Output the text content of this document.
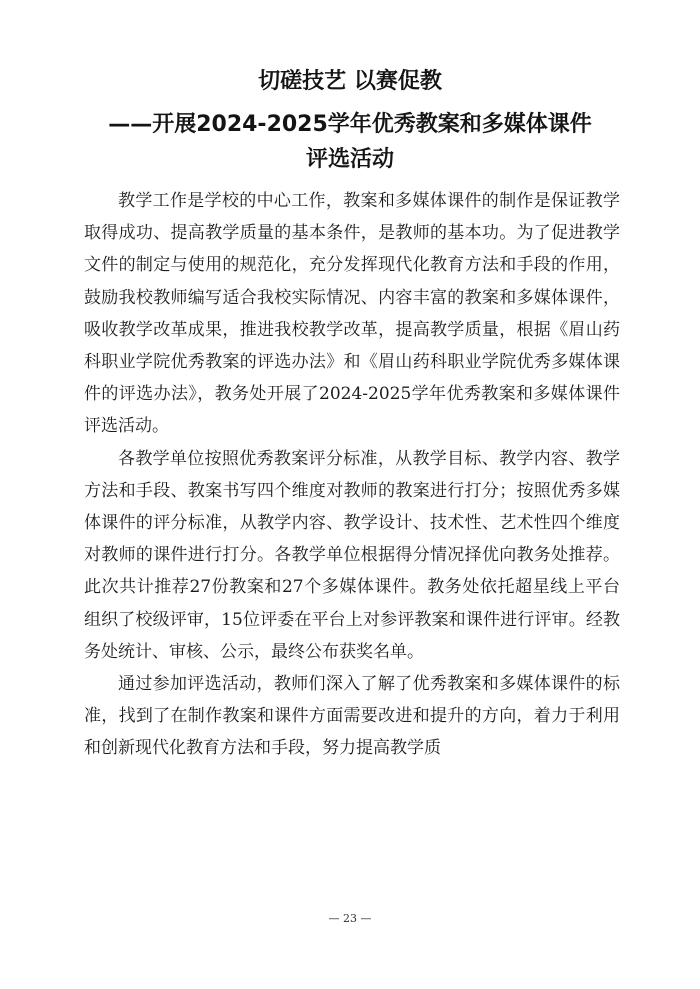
切磋技艺 以赛促教
——开展2024-2025学年优秀教案和多媒体课件
评选活动

教学工作是学校的中心工作，教案和多媒体课件的制作是保证教学取得成功、提高教学质量的基本条件，是教师的基本功。为了促进教学文件的制定与使用的规范化，充分发挥现代化教育方法和手段的作用，鼓励我校教师编写适合我校实际情况、内容丰富的教案和多媒体课件，吸收教学改革成果，推进我校教学改革，提高教学质量，根据《眉山药科职业学院优秀教案的评选办法》和《眉山药科职业学院优秀多媒体课件的评选办法》，教务处开展了2024-2025学年优秀教案和多媒体课件评选活动。

各教学单位按照优秀教案评分标准，从教学目标、教学内容、教学方法和手段、教案书写四个维度对教师的教案进行打分；按照优秀多媒体课件的评分标准，从教学内容、教学设计、技术性、艺术性四个维度对教师的课件进行打分。各教学单位根据得分情况择优向教务处推荐。此次共计推荐27份教案和27个多媒体课件。教务处依托超星线上平台组织了校级评审，15位评委在平台上对参评教案和课件进行评审。经教务处统计、审核、公示，最终公布获奖名单。

通过参加评选活动，教师们深入了解了优秀教案和多媒体课件的标准，找到了在制作教案和课件方面需要改进和提升的方向，着力于利用和创新现代化教育方法和手段，努力提高教学质

— 23 —
